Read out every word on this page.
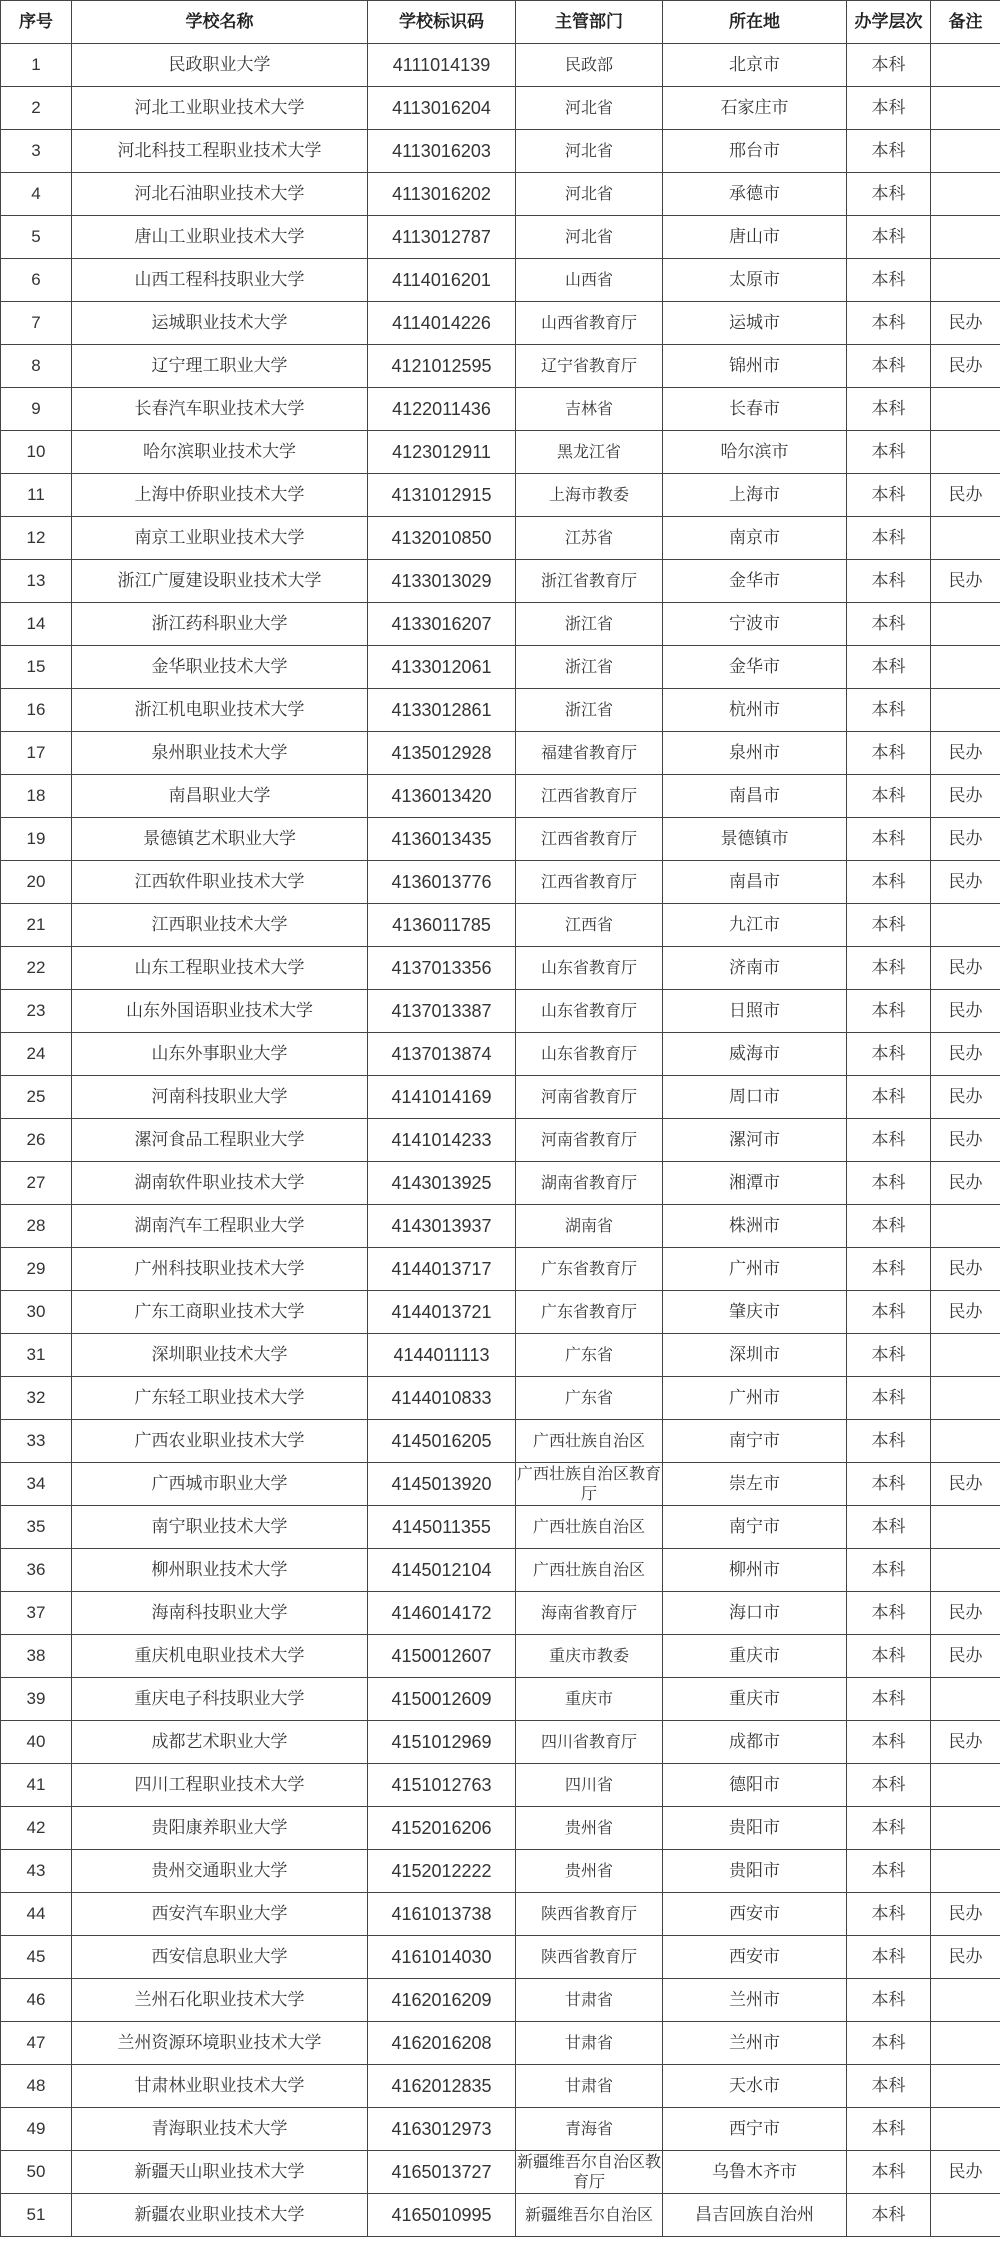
序号	学校名称	学校标识码	主管部门	所在地	办学层次	备注
1	民政职业大学	4111014139	民政部	北京市	本科	
2	河北工业职业技术大学	4113016204	河北省	石家庄市	本科	
3	河北科技工程职业技术大学	4113016203	河北省	邢台市	本科	
4	河北石油职业技术大学	4113016202	河北省	承德市	本科	
5	唐山工业职业技术大学	4113012787	河北省	唐山市	本科	
6	山西工程科技职业大学	4114016201	山西省	太原市	本科	
7	运城职业技术大学	4114014226	山西省教育厅	运城市	本科	民办
8	辽宁理工职业大学	4121012595	辽宁省教育厅	锦州市	本科	民办
9	长春汽车职业技术大学	4122011436	吉林省	长春市	本科	
10	哈尔滨职业技术大学	4123012911	黑龙江省	哈尔滨市	本科	
11	上海中侨职业技术大学	4131012915	上海市教委	上海市	本科	民办
12	南京工业职业技术大学	4132010850	江苏省	南京市	本科	
13	浙江广厦建设职业技术大学	4133013029	浙江省教育厅	金华市	本科	民办
14	浙江药科职业大学	4133016207	浙江省	宁波市	本科	
15	金华职业技术大学	4133012061	浙江省	金华市	本科	
16	浙江机电职业技术大学	4133012861	浙江省	杭州市	本科	
17	泉州职业技术大学	4135012928	福建省教育厅	泉州市	本科	民办
18	南昌职业大学	4136013420	江西省教育厅	南昌市	本科	民办
19	景德镇艺术职业大学	4136013435	江西省教育厅	景德镇市	本科	民办
20	江西软件职业技术大学	4136013776	江西省教育厅	南昌市	本科	民办
21	江西职业技术大学	4136011785	江西省	九江市	本科	
22	山东工程职业技术大学	4137013356	山东省教育厅	济南市	本科	民办
23	山东外国语职业技术大学	4137013387	山东省教育厅	日照市	本科	民办
24	山东外事职业大学	4137013874	山东省教育厅	威海市	本科	民办
25	河南科技职业大学	4141014169	河南省教育厅	周口市	本科	民办
26	漯河食品工程职业大学	4141014233	河南省教育厅	漯河市	本科	民办
27	湖南软件职业技术大学	4143013925	湖南省教育厅	湘潭市	本科	民办
28	湖南汽车工程职业大学	4143013937	湖南省	株洲市	本科	
29	广州科技职业技术大学	4144013717	广东省教育厅	广州市	本科	民办
30	广东工商职业技术大学	4144013721	广东省教育厅	肇庆市	本科	民办
31	深圳职业技术大学	4144011113	广东省	深圳市	本科	
32	广东轻工职业技术大学	4144010833	广东省	广州市	本科	
33	广西农业职业技术大学	4145016205	广西壮族自治区	南宁市	本科	
34	广西城市职业大学	4145013920	广西壮族自治区教育厅	崇左市	本科	民办
35	南宁职业技术大学	4145011355	广西壮族自治区	南宁市	本科	
36	柳州职业技术大学	4145012104	广西壮族自治区	柳州市	本科	
37	海南科技职业大学	4146014172	海南省教育厅	海口市	本科	民办
38	重庆机电职业技术大学	4150012607	重庆市教委	重庆市	本科	民办
39	重庆电子科技职业大学	4150012609	重庆市	重庆市	本科	
40	成都艺术职业大学	4151012969	四川省教育厅	成都市	本科	民办
41	四川工程职业技术大学	4151012763	四川省	德阳市	本科	
42	贵阳康养职业大学	4152016206	贵州省	贵阳市	本科	
43	贵州交通职业大学	4152012222	贵州省	贵阳市	本科	
44	西安汽车职业大学	4161013738	陕西省教育厅	西安市	本科	民办
45	西安信息职业大学	4161014030	陕西省教育厅	西安市	本科	民办
46	兰州石化职业技术大学	4162016209	甘肃省	兰州市	本科	
47	兰州资源环境职业技术大学	4162016208	甘肃省	兰州市	本科	
48	甘肃林业职业技术大学	4162012835	甘肃省	天水市	本科	
49	青海职业技术大学	4163012973	青海省	西宁市	本科	
50	新疆天山职业技术大学	4165013727	新疆维吾尔自治区教育厅	乌鲁木齐市	本科	民办
51	新疆农业职业技术大学	4165010995	新疆维吾尔自治区	昌吉回族自治州	本科	
